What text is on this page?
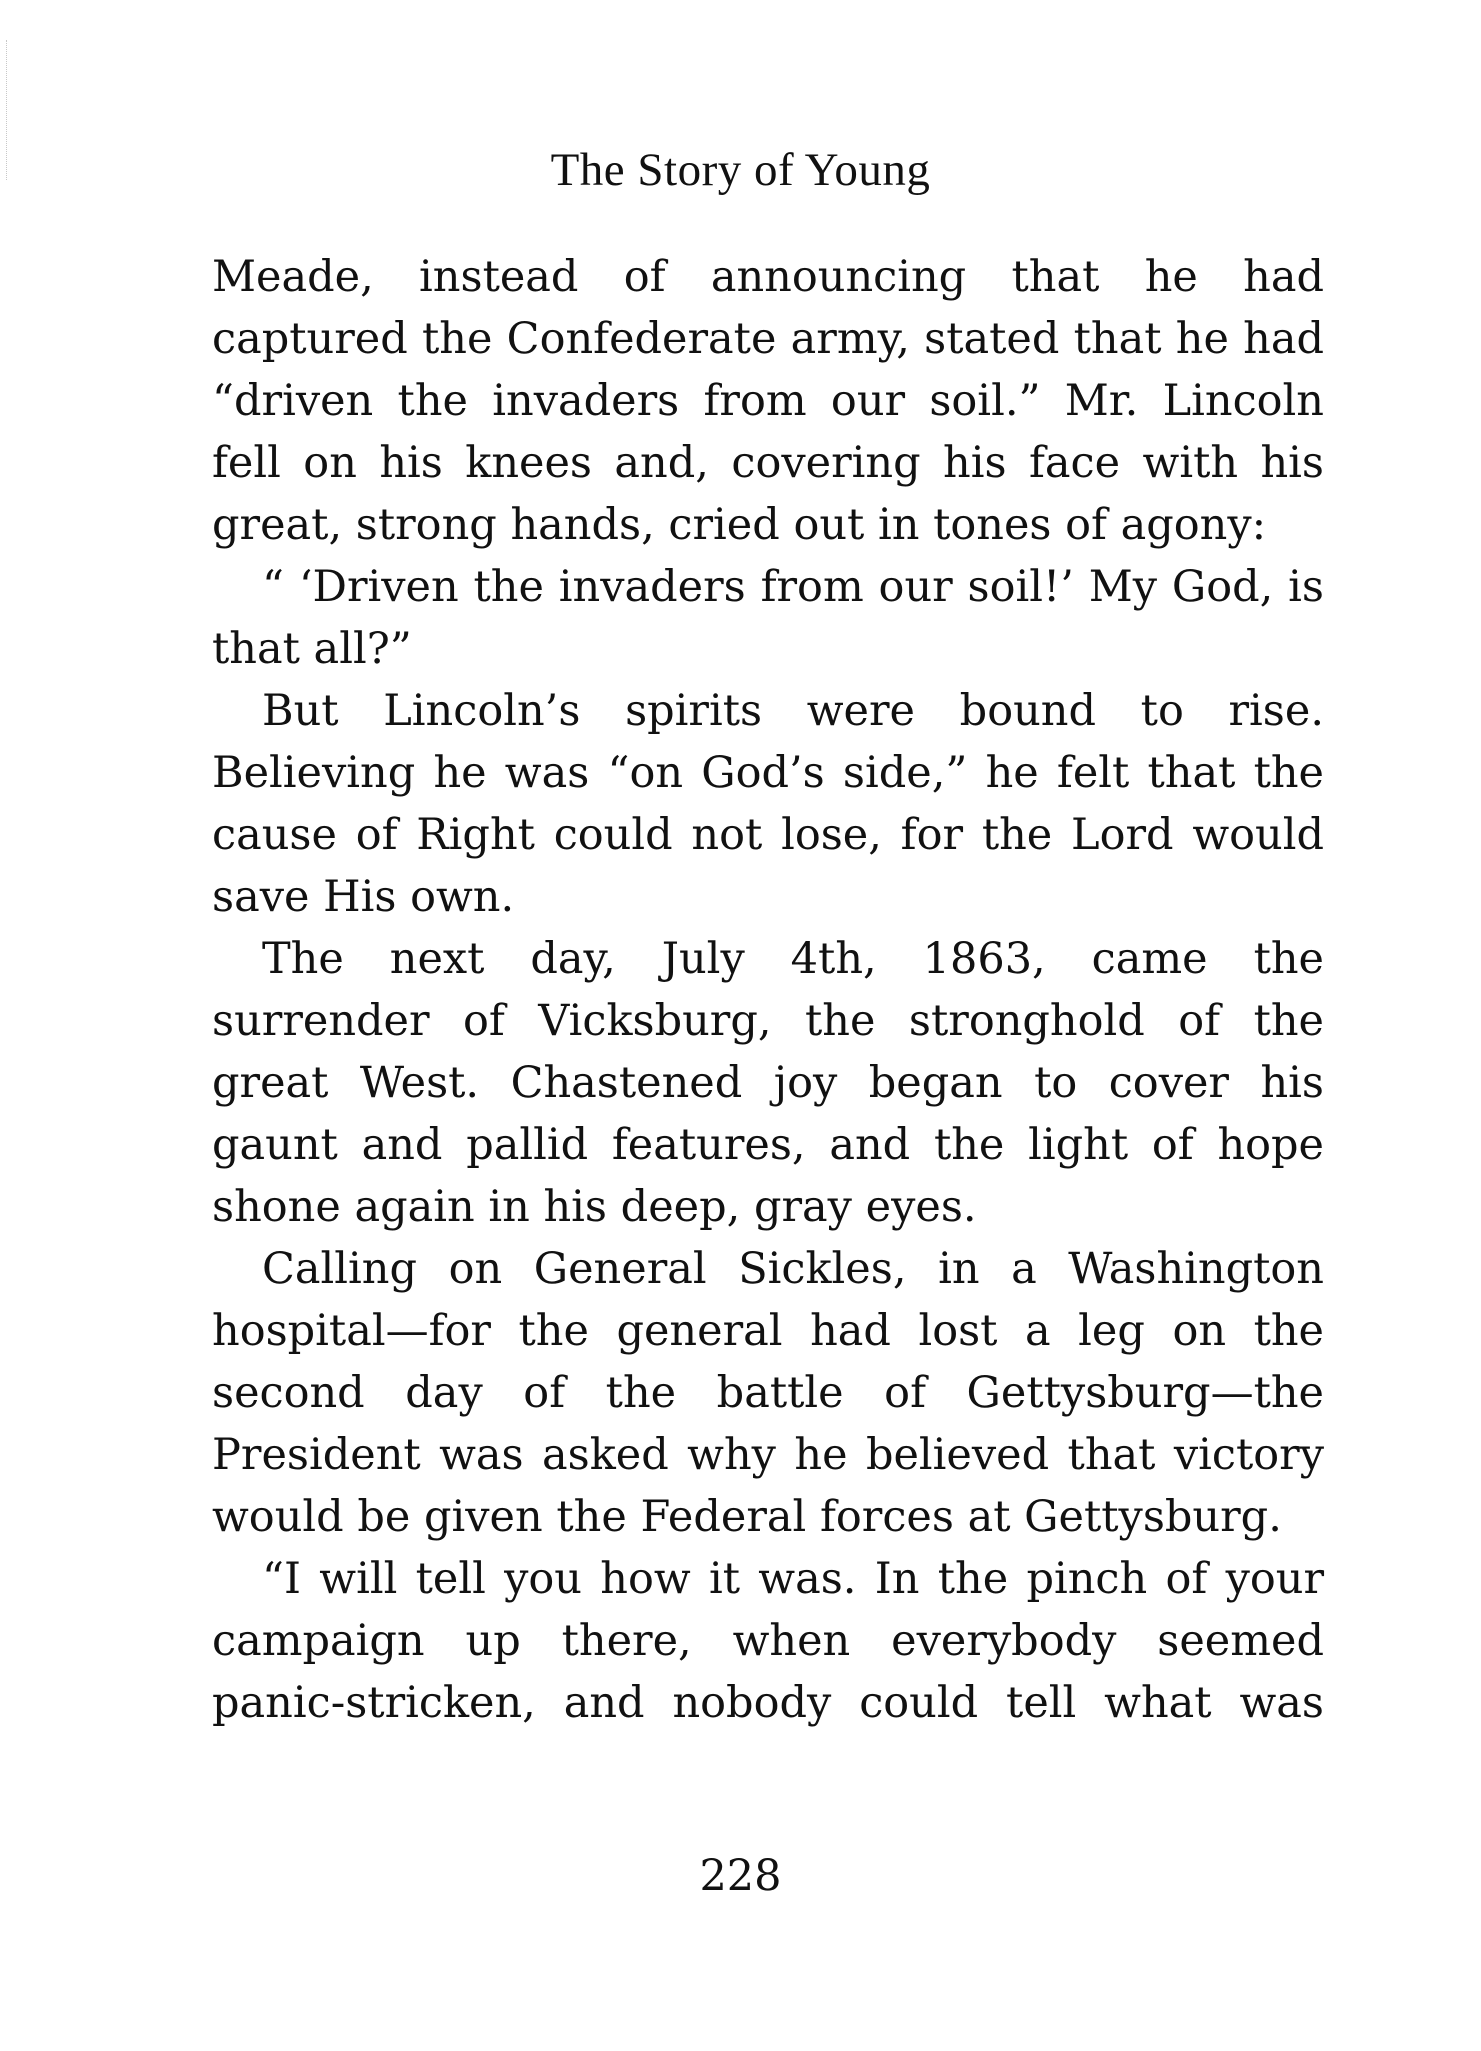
The Story of Young

Meade, instead of announcing that he had captured the Confederate army, stated that he had “driven the invaders from our soil.” Mr. Lincoln fell on his knees and, covering his face with his great, strong hands, cried out in tones of agony:

“ ‘Driven the invaders from our soil!’ My God, is that all?”

But Lincoln’s spirits were bound to rise. Believing he was “on God’s side,” he felt that the cause of Right could not lose, for the Lord would save His own.

The next day, July 4th, 1863, came the surrender of Vicksburg, the stronghold of the great West. Chastened joy began to cover his gaunt and pallid features, and the light of hope shone again in his deep, gray eyes.

Calling on General Sickles, in a Washington hospital—for the general had lost a leg on the second day of the battle of Gettysburg—the President was asked why he believed that victory would be given the Federal forces at Gettysburg.

“I will tell you how it was. In the pinch of your campaign up there, when everybody seemed panic-stricken, and nobody could tell what was

228
